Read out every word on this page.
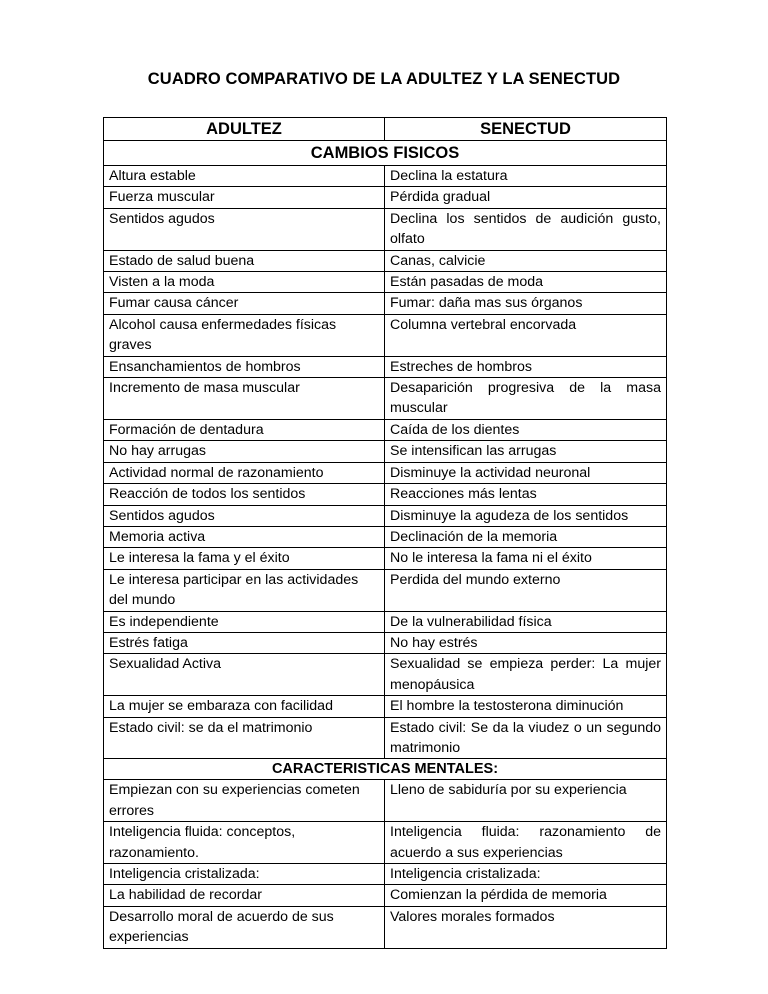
CUADRO COMPARATIVO DE LA ADULTEZ Y LA SENECTUD
ADULTEZ	SENECTUD
CAMBIOS FISICOS	
Altura estable	Declina la estatura
Fuerza muscular	Pérdida gradual
Sentidos agudos	Declina los sentidos de audición gusto, olfato
Estado de salud buena	Canas, calvicie
Visten a la moda	Están pasadas de moda
Fumar causa cáncer	Fumar: daña mas sus órganos
Alcohol causa enfermedades físicas graves	Columna vertebral encorvada
Ensanchamientos de hombros	Estreches de hombros
Incremento de masa muscular	Desaparición progresiva de la masa muscular
Formación de dentadura	Caída de los dientes
No hay arrugas	Se intensifican las arrugas
Actividad normal de razonamiento	Disminuye la actividad neuronal
Reacción de todos los sentidos	Reacciones más lentas
Sentidos agudos	Disminuye la agudeza de los sentidos
Memoria activa	Declinación de la memoria
Le interesa la fama y el éxito	No le interesa la fama ni el éxito
Le interesa participar en las actividades del mundo	Perdida del mundo externo
Es independiente	De la vulnerabilidad física
Estrés fatiga	No hay estrés
Sexualidad Activa	Sexualidad se empieza perder: La mujer menopáusica
La mujer se embaraza con facilidad	El hombre la testosterona diminución
Estado civil: se da el matrimonio	Estado civil: Se da la viudez o un segundo matrimonio
CARACTERISTICAS MENTALES:	
Empiezan con su experiencias cometen errores	Lleno de sabiduría por su experiencia
Inteligencia fluida: conceptos, razonamiento.	Inteligencia fluida: razonamiento de acuerdo a sus experiencias
Inteligencia cristalizada:	Inteligencia cristalizada:
La habilidad de recordar	Comienzan la pérdida de memoria
Desarrollo moral de acuerdo de sus experiencias	Valores morales formados
